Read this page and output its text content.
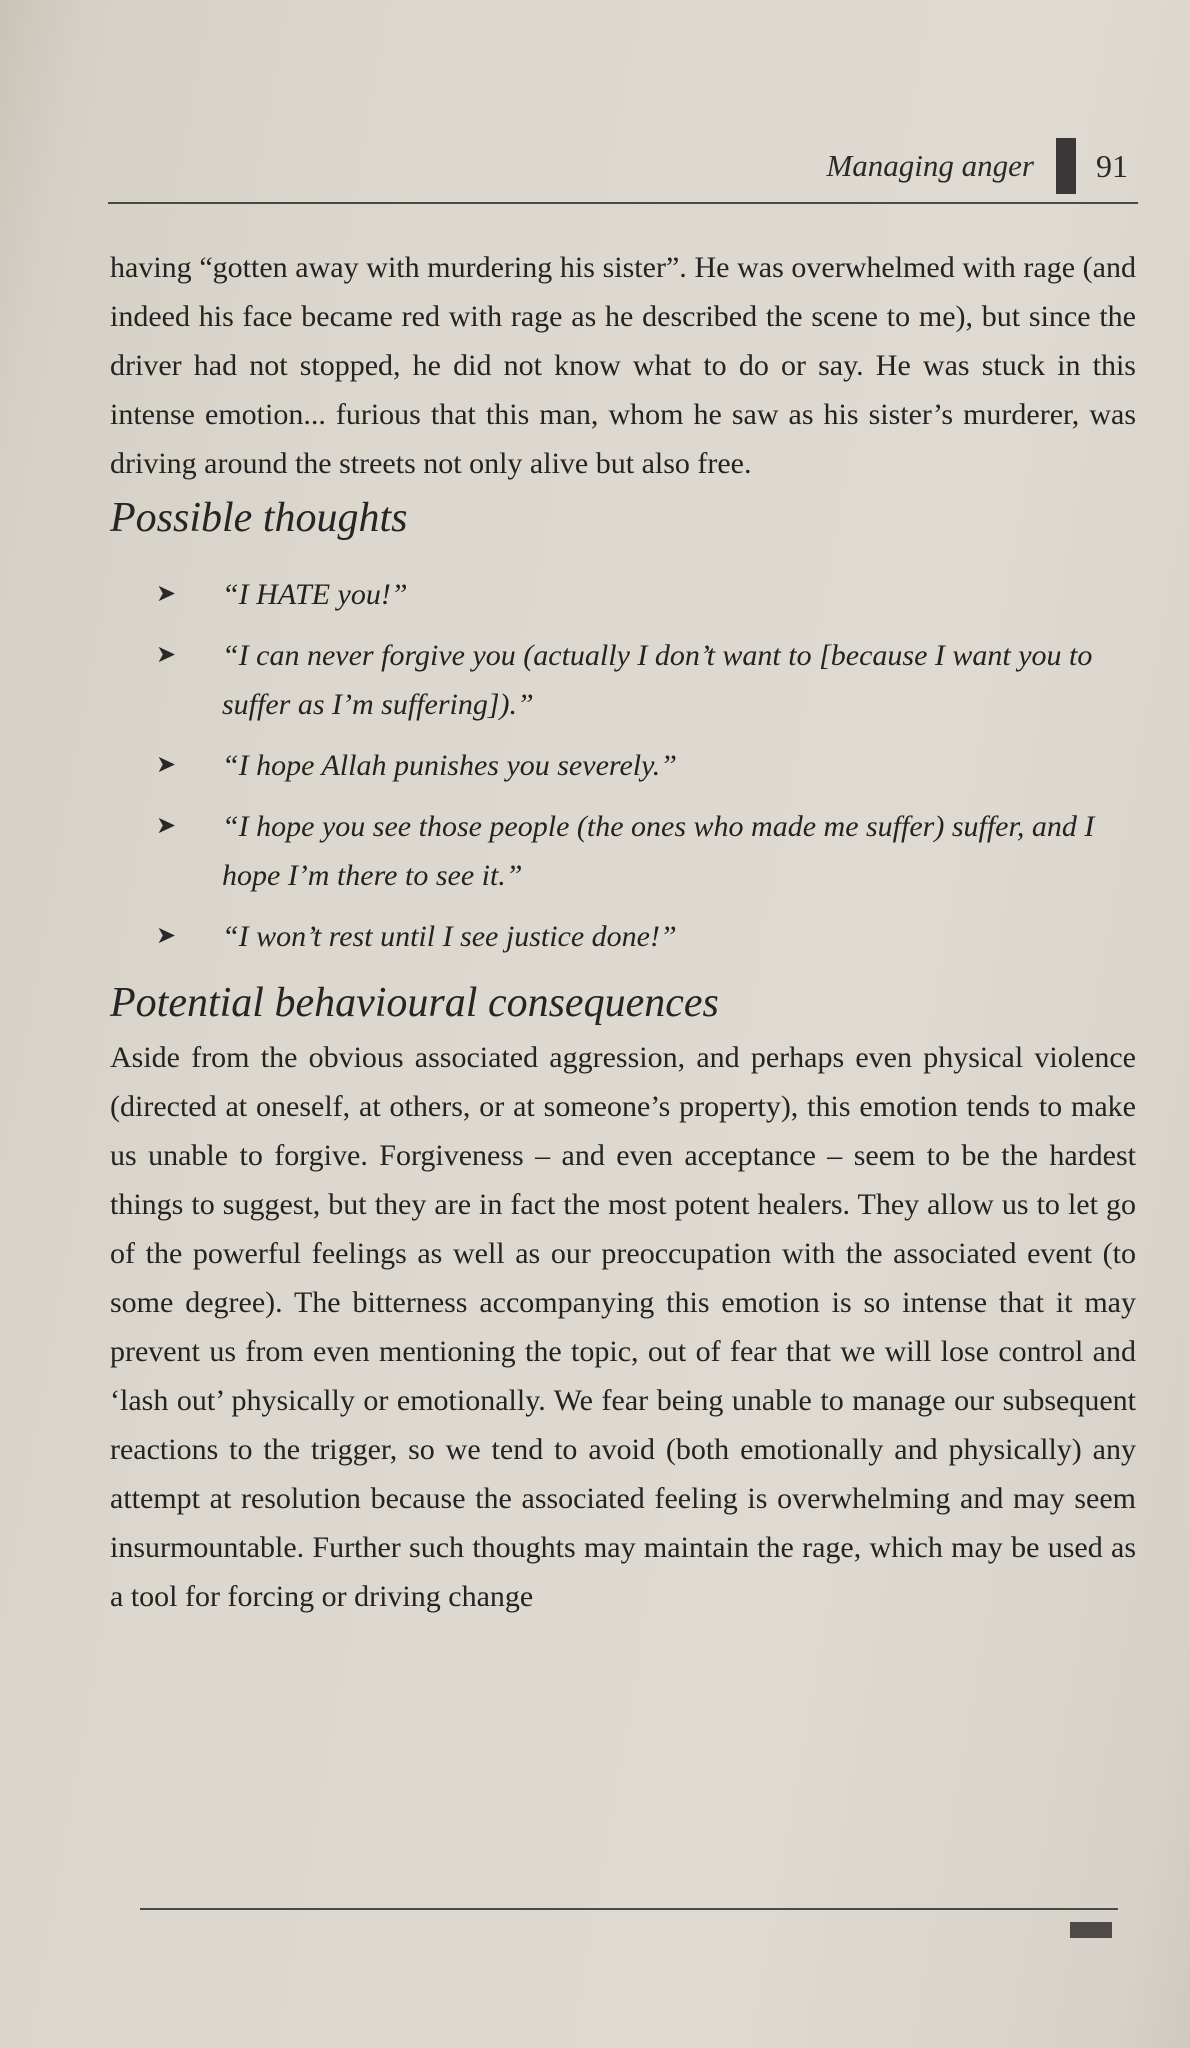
Managing anger 91

having “gotten away with murdering his sister”. He was overwhelmed with rage (and indeed his face became red with rage as he described the scene to me), but since the driver had not stopped, he did not know what to do or say. He was stuck in this intense emotion... furious that this man, whom he saw as his sister’s murderer, was driving around the streets not only alive but also free.

Possible thoughts
➤ “I HATE you!”
➤ “I can never forgive you (actually I don’t want to [because I want you to suffer as I’m suffering]).”
➤ “I hope Allah punishes you severely.”
➤ “I hope you see those people (the ones who made me suffer) suffer, and I hope I’m there to see it.”
➤ “I won’t rest until I see justice done!”
Potential behavioural consequences

Aside from the obvious associated aggression, and perhaps even physical violence (directed at oneself, at others, or at someone’s property), this emotion tends to make us unable to forgive. Forgiveness – and even acceptance – seem to be the hardest things to suggest, but they are in fact the most potent healers. They allow us to let go of the powerful feelings as well as our preoccupation with the associated event (to some degree). The bitterness accompanying this emotion is so intense that it may prevent us from even mentioning the topic, out of fear that we will lose control and ‘lash out’ physically or emotionally. We fear being unable to manage our subsequent reactions to the trigger, so we tend to avoid (both emotionally and physically) any attempt at resolution because the associated feeling is overwhelming and may seem insurmountable. Further such thoughts may maintain the rage, which may be used as a tool for forcing or driving change
